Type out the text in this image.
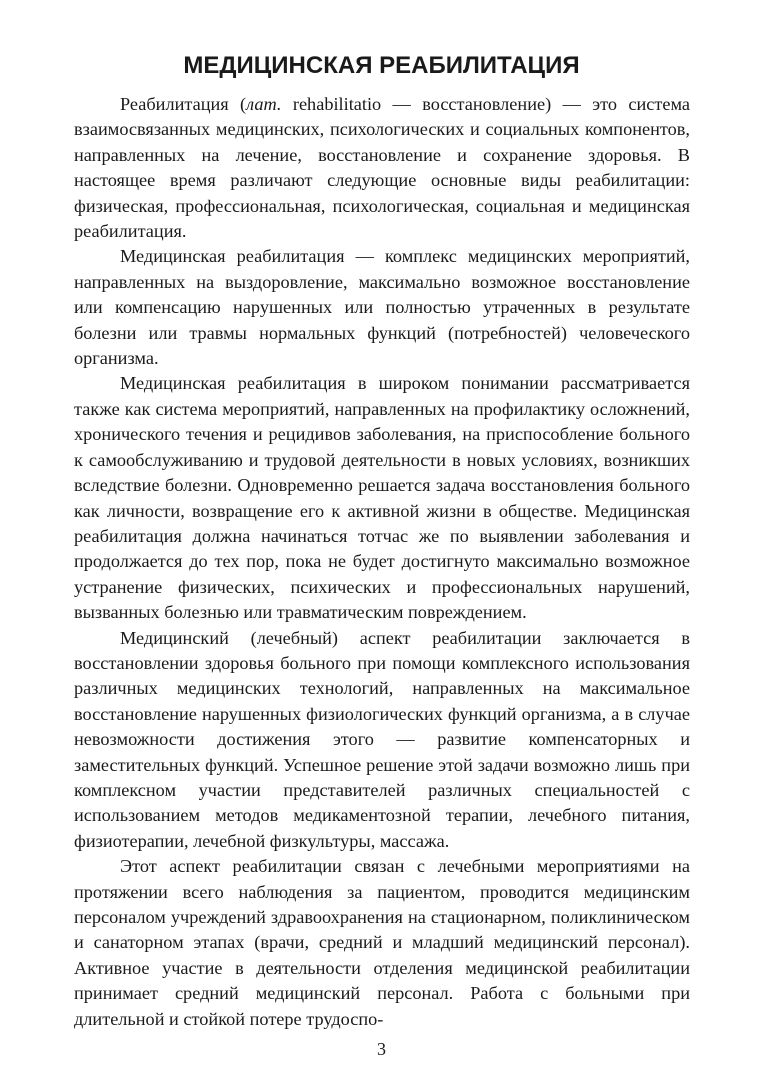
МЕДИЦИНСКАЯ РЕАБИЛИТАЦИЯ

Реабилитация (лат. rehabilitatio — восстановление) — это система взаимосвязанных медицинских, психологических и социальных компонентов, направленных на лечение, восстановление и сохранение здоровья. В настоящее время различают следующие основные виды реабилитации: физическая, профессиональная, психологическая, социальная и медицинская реабилитация.

Медицинская реабилитация — комплекс медицинских мероприятий, направленных на выздоровление, максимально возможное восстановление или компенсацию нарушенных или полностью утраченных в результате болезни или травмы нормальных функций (потребностей) человеческого организма.

Медицинская реабилитация в широком понимании рассматривается также как система мероприятий, направленных на профилактику осложнений, хронического течения и рецидивов заболевания, на приспособление больного к самообслуживанию и трудовой деятельности в новых условиях, возникших вследствие болезни. Одновременно решается задача восстановления больного как личности, возвращение его к активной жизни в обществе. Медицинская реабилитация должна начинаться тотчас же по выявлении заболевания и продолжается до тех пор, пока не будет достигнуто максимально возможное устранение физических, психических и профессиональных нарушений, вызванных болезнью или травматическим повреждением.

Медицинский (лечебный) аспект реабилитации заключается в восстановлении здоровья больного при помощи комплексного использования различных медицинских технологий, направленных на максимальное восстановление нарушенных физиологических функций организма, а в случае невозможности достижения этого — развитие компенсаторных и заместительных функций. Успешное решение этой задачи возможно лишь при комплексном участии представителей различных специальностей с использованием методов медикаментозной терапии, лечебного питания, физиотерапии, лечебной физкультуры, массажа.

Этот аспект реабилитации связан с лечебными мероприятиями на протяжении всего наблюдения за пациентом, проводится медицинским персоналом учреждений здравоохранения на стационарном, поликлиническом и санаторном этапах (врачи, средний и младший медицинский персонал). Активное участие в деятельности отделения медицинской реабилитации принимает средний медицинский персонал. Работа с больными при длительной и стойкой потере трудоспо-

3
